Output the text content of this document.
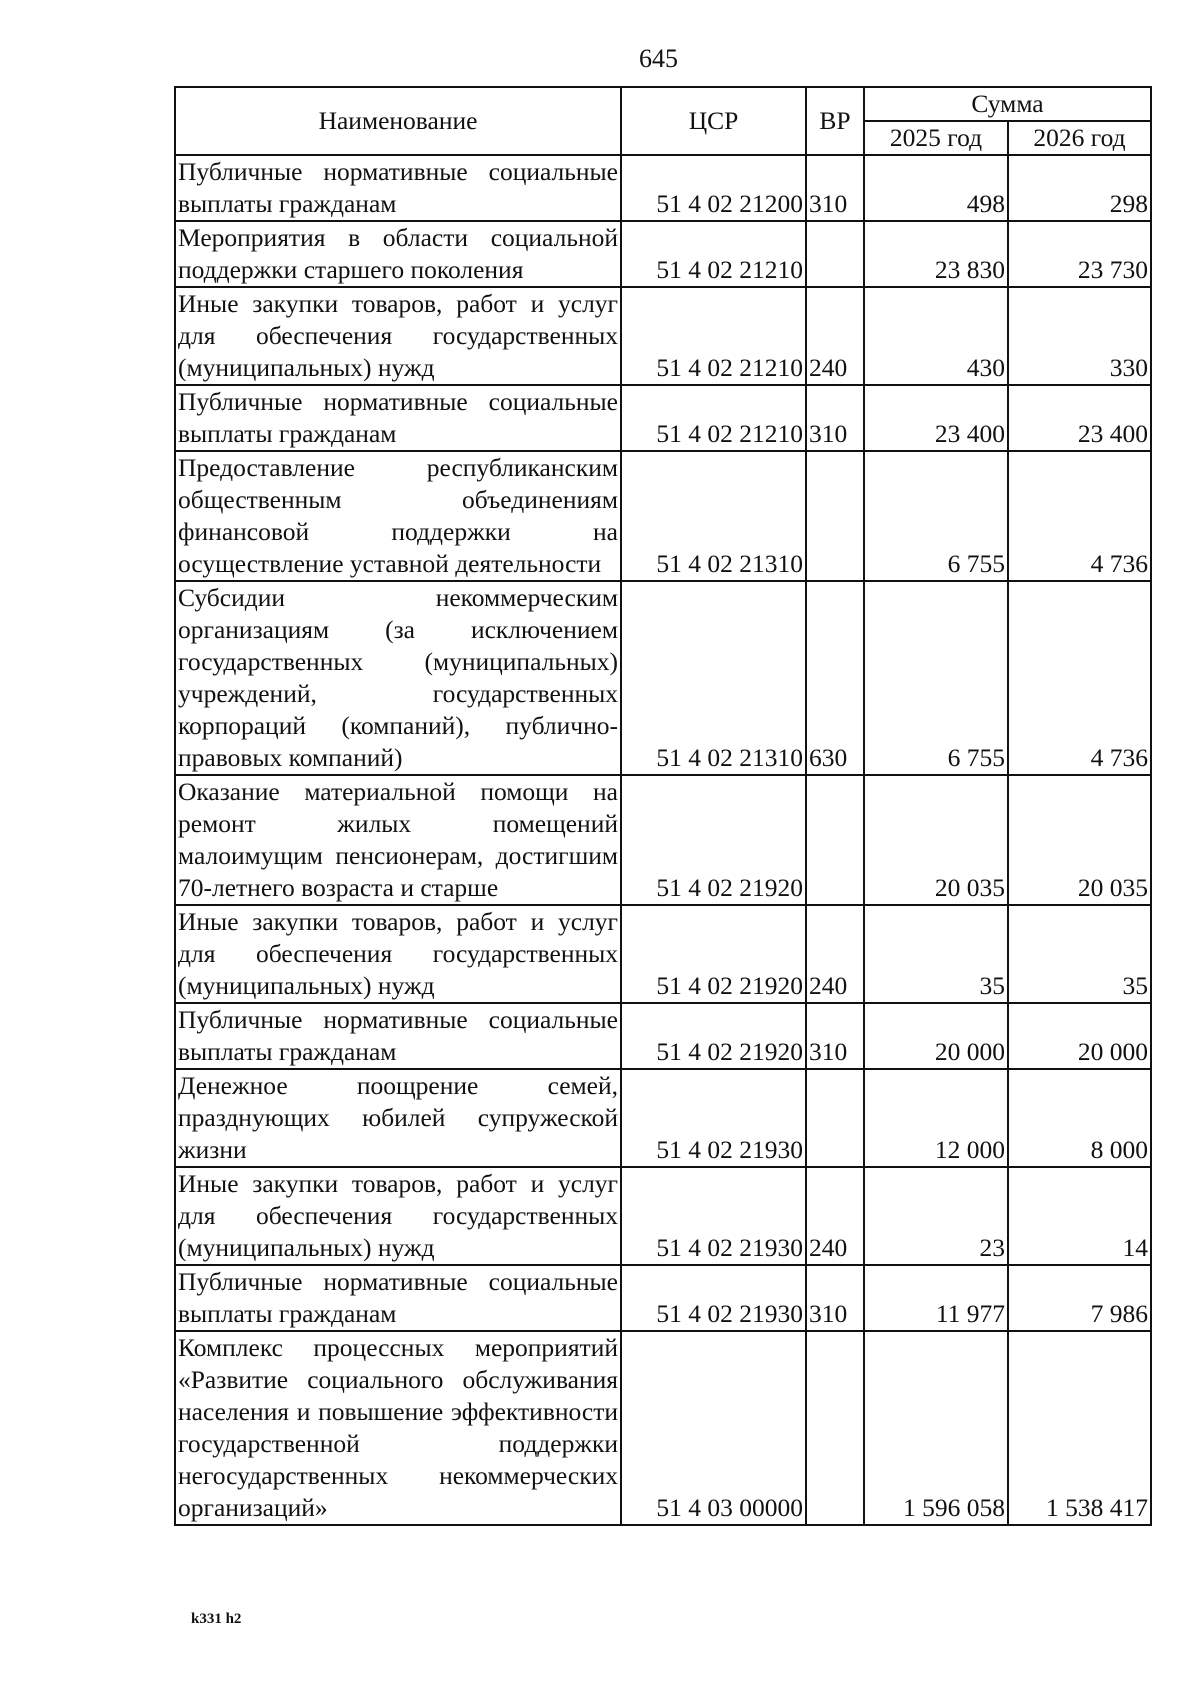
645
Наименование	ЦСР	ВР	Сумма	
			2025 год	2026 год
Публичные нормативные социальные выплаты гражданам	51 4 02 21200	310	498	298
Мероприятия в области социальной поддержки старшего поколения	51 4 02 21210		23 830	23 730
Иные закупки товаров, работ и услуг для обеспечения государственных (муниципальных) нужд	51 4 02 21210	240	430	330
Публичные нормативные социальные выплаты гражданам	51 4 02 21210	310	23 400	23 400
Предоставление республиканским общественным объединениям финансовой поддержки на осуществление уставной деятельности	51 4 02 21310		6 755	4 736
Субсидии некоммерческим организациям (за исключением государственных (муниципальных) учреждений, государственных корпораций (компаний), публично-правовых компаний)	51 4 02 21310	630	6 755	4 736
Оказание материальной помощи на ремонт жилых помещений малоимущим пенсионерам, достигшим 70-летнего возраста и старше	51 4 02 21920		20 035	20 035
Иные закупки товаров, работ и услуг для обеспечения государственных (муниципальных) нужд	51 4 02 21920	240	35	35
Публичные нормативные социальные выплаты гражданам	51 4 02 21920	310	20 000	20 000
Денежное поощрение семей, празднующих юбилей супружеской жизни	51 4 02 21930		12 000	8 000
Иные закупки товаров, работ и услуг для обеспечения государственных (муниципальных) нужд	51 4 02 21930	240	23	14
Публичные нормативные социальные выплаты гражданам	51 4 02 21930	310	11 977	7 986
Комплекс процессных мероприятий «Развитие социального обслуживания населения и повышение эффективности государственной поддержки негосударственных некоммерческих организаций»	51 4 03 00000		1 596 058	1 538 417
k331 h2
